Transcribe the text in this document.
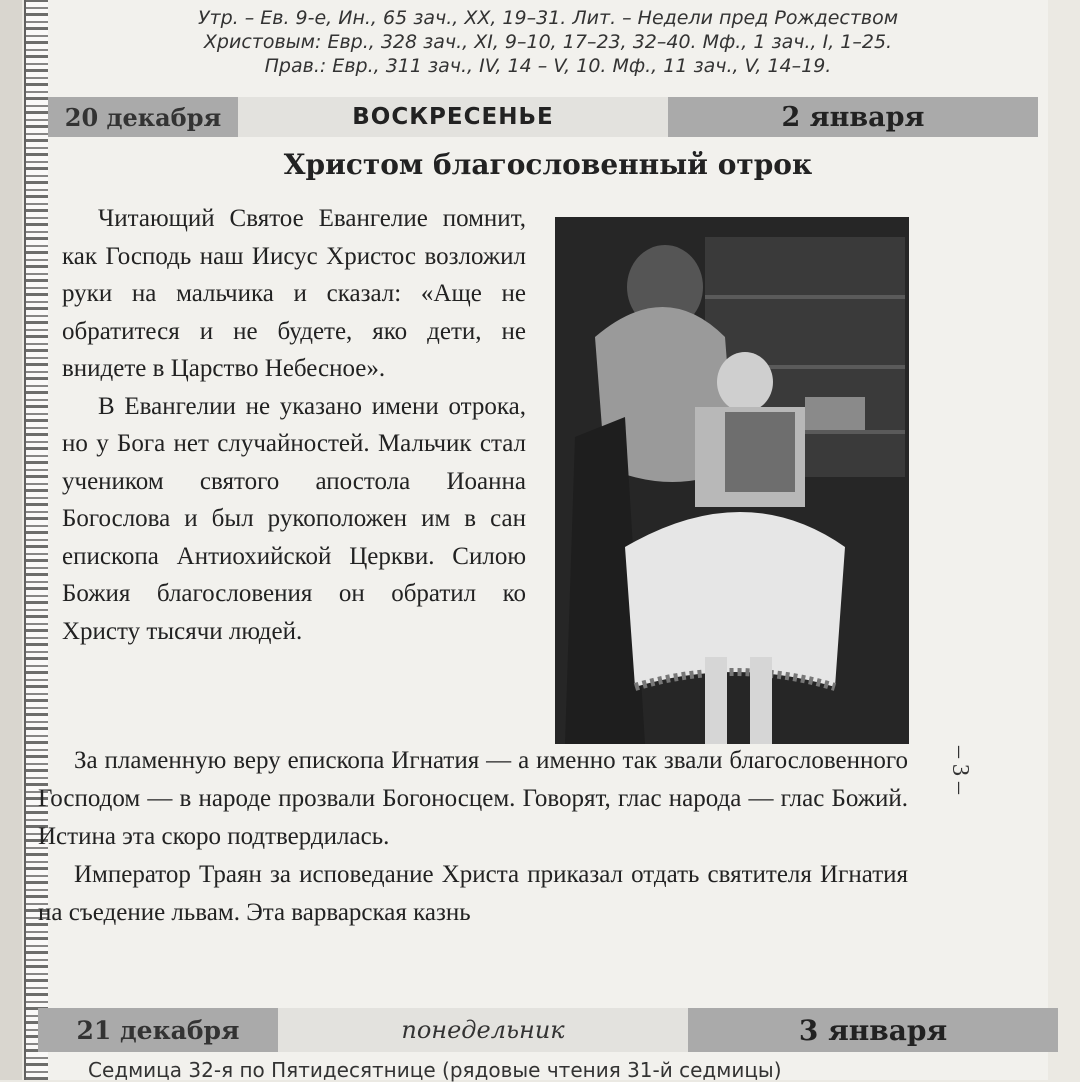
Утр. – Ев. 9-е, Ин., 65 зач., XX, 19–31. Лит. – Недели пред Рождеством
Христовым: Евр., 328 зач., XI, 9–10, 17–23, 32–40. Мф., 1 зач., I, 1–25.
Прав.: Евр., 311 зач., IV, 14 – V, 10. Мф., 11 зач., V, 14–19.
20 декабря	ВОСКРЕСЕНЬЕ	2 января
Христом благословенный отрок

Читающий Святое Евангелие помнит, как Господь наш Иисус Христос возложил руки на мальчика и сказал: «Аще не обратитеся и не будете, яко дети, не внидете в Царство Небесное».

В Евангелии не указано имени отрока, но у Бога нет случайностей. Мальчик стал учеником святого апостола Иоанна Богослова и был рукоположен им в сан епископа Антиохийской Церкви. Силою Божия благословения он обратил ко Христу тысячи людей.

За пламенную веру епископа Игнатия — а именно так звали благословенного Господом — в народе прозвали Богоносцем. Говорят, глас народа — глас Божий. Истина эта скоро подтвердилась.

Император Траян за исповедание Христа приказал отдать святителя Игнатия на съедение львам. Эта варварская казнь

– 3 –
21 декабря	понедельник	3 января
Седмица 32-я по Пятидесятнице (рядовые чтения 31-й седмицы)
